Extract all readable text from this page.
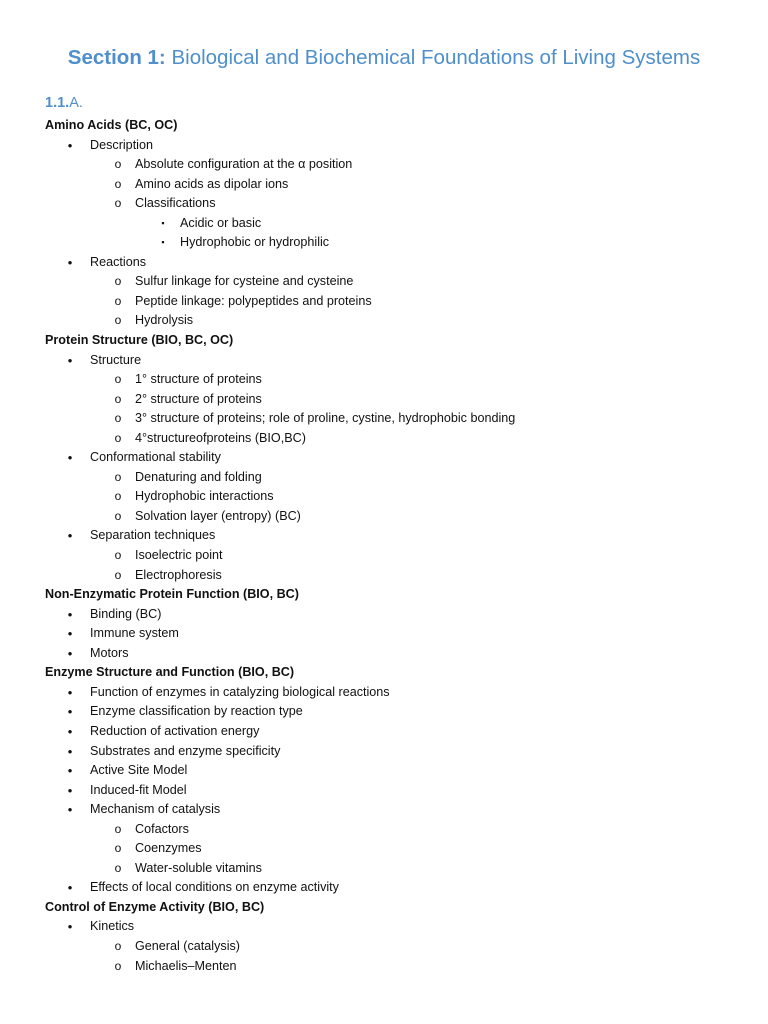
Section 1: Biological and Biochemical Foundations of Living Systems
1.1.A.
Amino Acids (BC, OC)
•	Description
o Absolute configuration at the α position
o Amino acids as dipolar ions
o Classifications
▪	Acidic or basic
▪	Hydrophobic or hydrophilic
•	Reactions
o Sulfur linkage for cysteine and cysteine
o Peptide linkage: polypeptides and proteins
o Hydrolysis
Protein Structure (BIO, BC, OC)
•	Structure
o 1° structure of proteins
o 2° structure of proteins
o 3° structure of proteins; role of proline, cystine, hydrophobic bonding
o 4°structureofproteins (BIO,BC)
•	Conformational stability
o Denaturing and folding
o Hydrophobic interactions
o Solvation layer (entropy) (BC)
•	Separation techniques
o Isoelectric point
o Electrophoresis
Non-Enzymatic Protein Function (BIO, BC)
•	Binding (BC)
•	Immune system
•	Motors
Enzyme Structure and Function (BIO, BC)
•	Function of enzymes in catalyzing biological reactions
•	Enzyme classification by reaction type
•	Reduction of activation energy
•	Substrates and enzyme specificity
•	Active Site Model
•	Induced-fit Model
•	Mechanism of catalysis
o Cofactors
o Coenzymes
o Water-soluble vitamins
•	Effects of local conditions on enzyme activity
Control of Enzyme Activity (BIO, BC)
•	Kinetics
o General (catalysis)
o Michaelis–Menten
